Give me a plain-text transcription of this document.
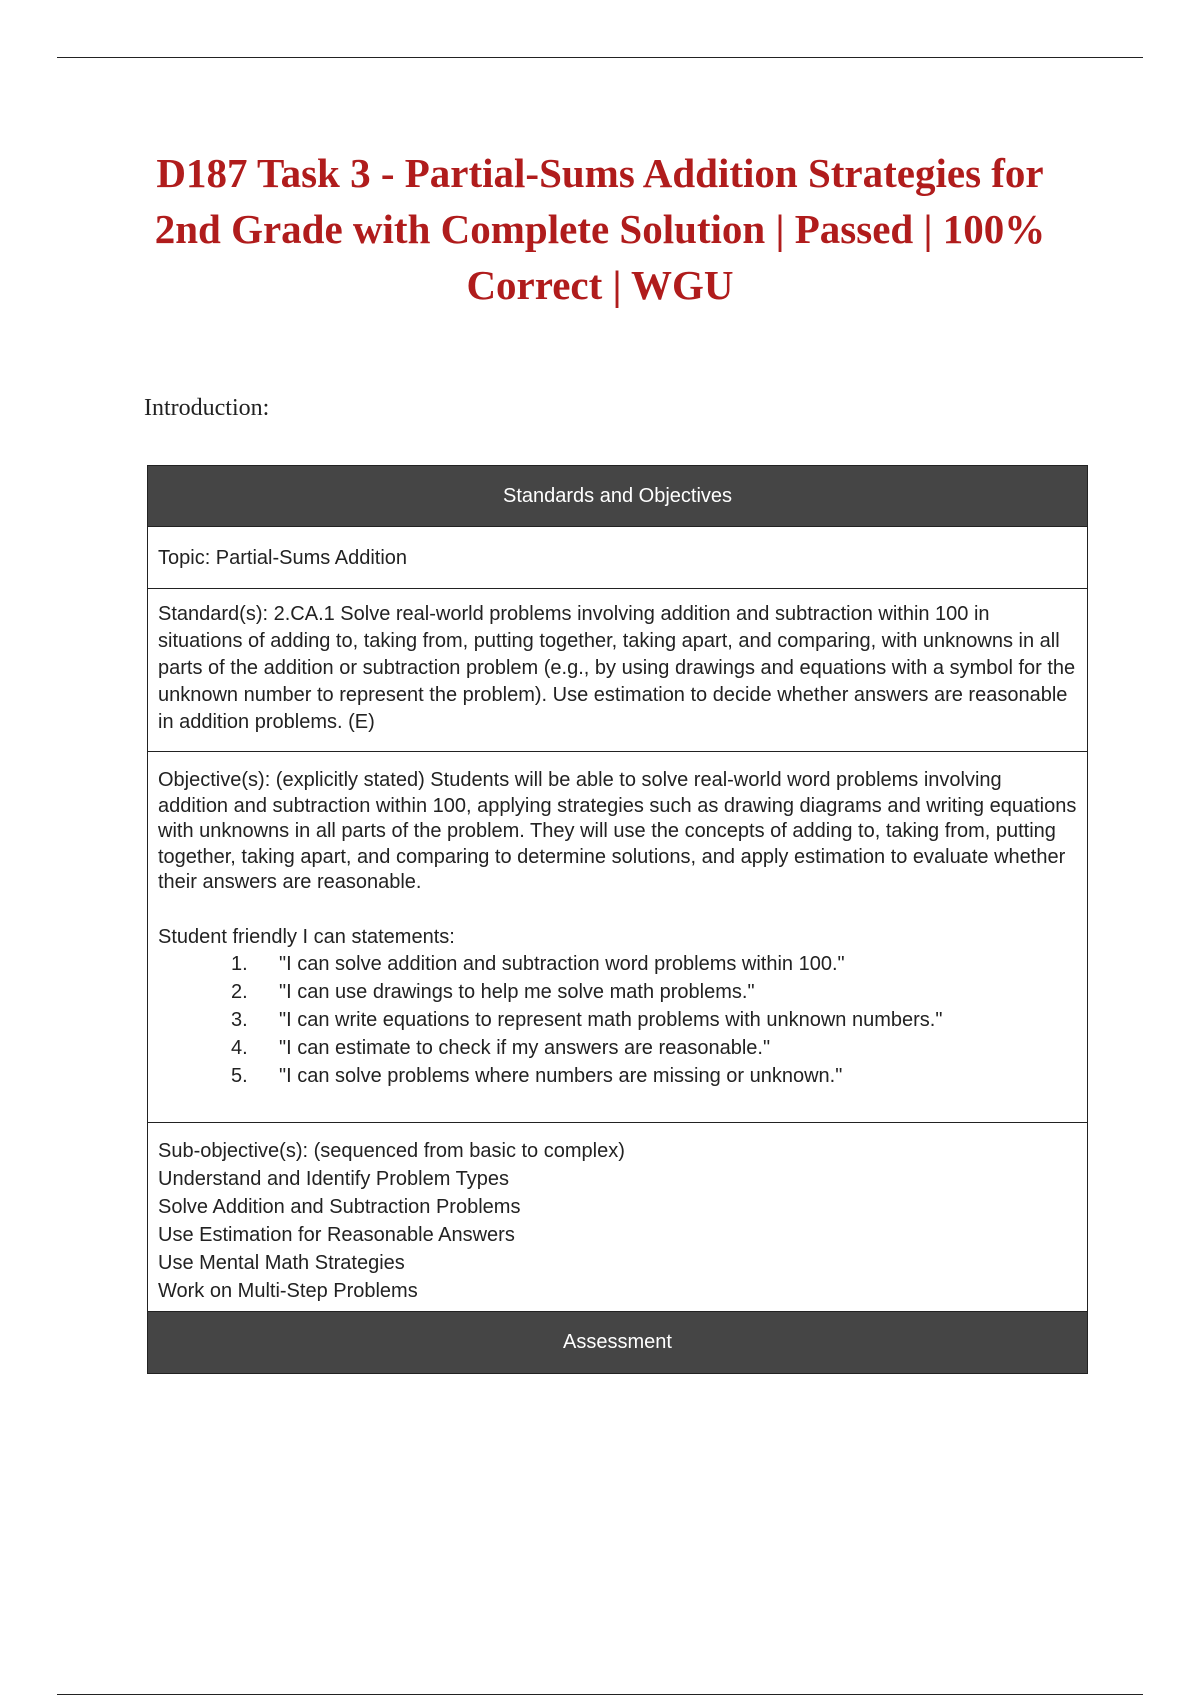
D187 Task 3 - Partial-Sums Addition Strategies for 2nd Grade with Complete Solution | Passed | 100% Correct | WGU
Introduction:
Standards and Objectives
Topic: Partial-Sums Addition

Standard(s): 2.CA.1 Solve real-world problems involving addition and subtraction within 100 in situations of adding to, taking from, putting together, taking apart, and comparing, with unknowns in all parts of the addition or subtraction problem (e.g., by using drawings and equations with a symbol for the unknown number to represent the problem). Use estimation to decide whether answers are reasonable in addition problems. (E)

Objective(s): (explicitly stated) Students will be able to solve real-world word problems involving addition and subtraction within 100, applying strategies such as drawing diagrams and writing equations with unknowns in all parts of the problem. They will use the concepts of adding to, taking from, putting together, taking apart, and comparing to determine solutions, and apply estimation to evaluate whether their answers are reasonable.

Student friendly I can statements:

1. "I can solve addition and subtraction word problems within 100."
2. "I can use drawings to help me solve math problems."
3. "I can write equations to represent math problems with unknown numbers."
4. "I can estimate to check if my answers are reasonable."
5. "I can solve problems where numbers are missing or unknown."

Sub-objective(s): (sequenced from basic to complex)

Understand and Identify Problem Types

Solve Addition and Subtraction Problems

Use Estimation for Reasonable Answers

Use Mental Math Strategies

Work on Multi-Step Problems

Assessment
